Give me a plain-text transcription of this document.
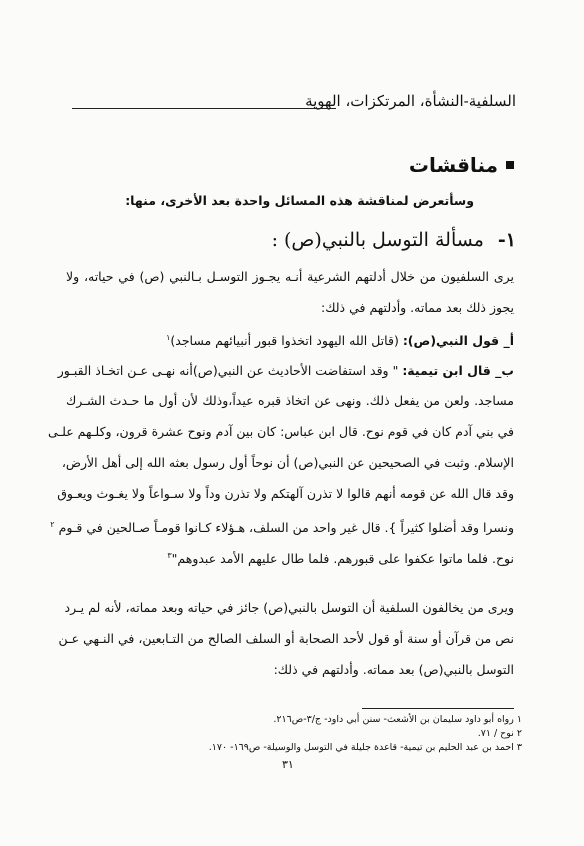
السلفية-النشأة، المرتكزات، الهوية
مناقشات
وسأتعرض لمناقشة هذه المسائل واحدة بعد الأخرى، منها:
١-
مسألة التوسل بالنبي(ص) :
يرى السلفيون من خلال أدلتهم الشرعية أنـه يجـوز التوسـل بـالنبي (ص) في حياته، ولا
يجوز ذلك بعد مماته. وأدلتهم في ذلك:
أ_ قول النبي(ص): (قاتل الله اليهود اتخذوا قبور أنبيائهم مساجد)$^١$
ب_ قال ابن تيمية: " وقد استفاضت الأحاديث عن النبي(ص)أنه نهـى عـن اتخـاذ القبـور
مساجد. ولعن من يفعل ذلك. ونهى عن اتخاذ قبره عيداً،وذلك لأن أول ما حـدث الشـرك
في بني آدم كان في قوم نوح. قال ابن عباس: كان بين آدم ونوح عشرة قرون، وكلـهم علـى
الإسلام. وثبت في الصحيحين عن النبي(ص) أن نوحاً أول رسول بعثه الله إلى أهل الأرض،
وقد قال الله عن قومه أنهم قالوا لا تذرن آلهتكم ولا تذرن وداً ولا سـواعاً ولا يغـوث ويعـوق
ونسرا وقد أضلوا كثيراً }. قال غير واحد من السلف، هـؤلاء كـانوا قومـاً صـالحين في قـوم $^٢$
نوح. فلما ماتوا عكفوا على قبورهم. فلما طال عليهم الأمد عبدوهم"$^٣$
ويرى من يخالفون السلفية أن التوسل بالنبي(ص) جائز في حياته وبعد مماته، لأنه لم يـرد
نص من قرآن أو سنة أو قول لأحد الصحابة أو السلف الصالح من التـابعين، في النـهي عـن
التوسل بالنبي(ص) بعد مماته. وأدلتهم في ذلك:
١ رواه أبو داود سليمان بن الأشعث- سنن أبي داود- ج/٣-ص٢١٦.
٢ نوح / ٧١.
٣ احمد بن عبد الحليم بن تيمية- قاعدة جليلة في التوسل والوسيلة- ص١٦٩- ١٧٠.
٣١
